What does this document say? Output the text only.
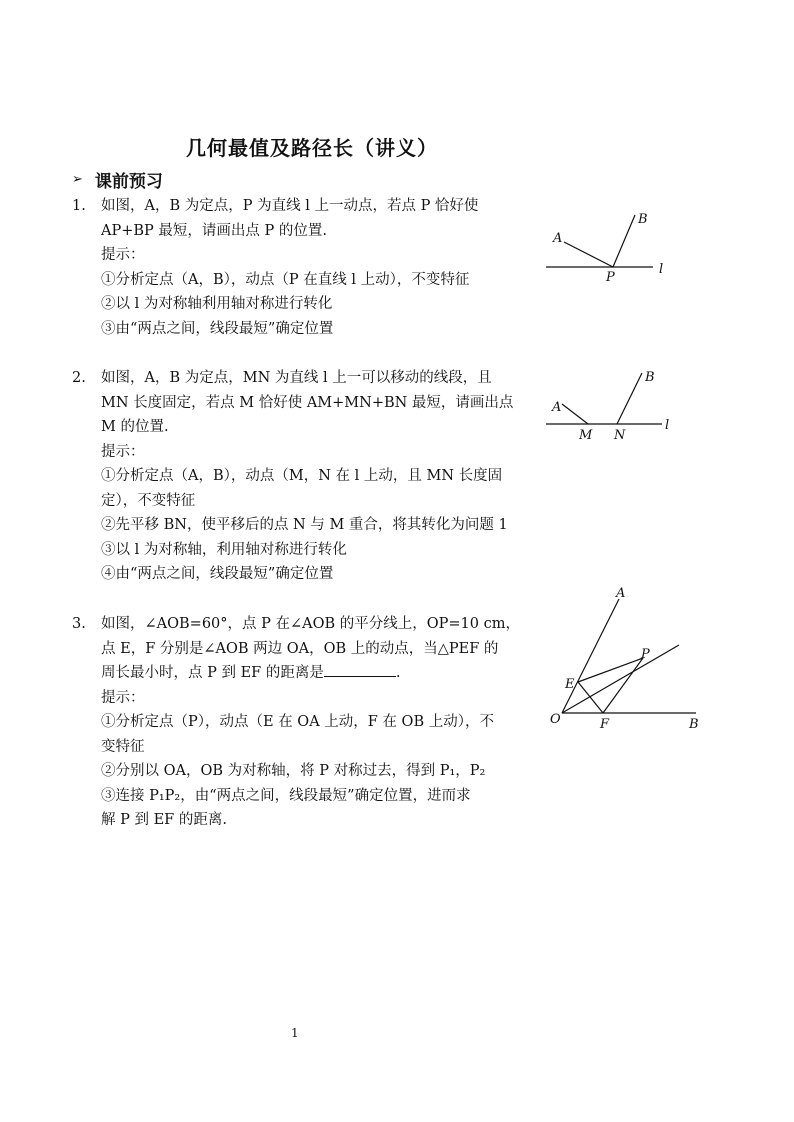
几何最值及路径长（讲义）
➢ 课前预习
1. 如图，A，B 为定点，P 为直线 l 上一动点，若点 P 恰好使
AP+BP 最短，请画出点 P 的位置.
提示：
①分析定点（A，B），动点（P 在直线 l 上动），不变特征
②以 l 为对称轴利用轴对称进行转化
③由“两点之间，线段最短”确定位置
A
B
P
l
2. 如图，A，B 为定点，MN 为直线 l 上一可以移动的线段，且
MN 长度固定，若点 M 恰好使 AM+MN+BN 最短，请画出点
M 的位置.
提示：
①分析定点（A，B），动点（M，N 在 l 上动，且 MN 长度固
定），不变特征
②先平移 BN，使平移后的点 N 与 M 重合，将其转化为问题 1
③以 l 为对称轴，利用轴对称进行转化
④由“两点之间，线段最短”确定位置
A
B
M N
l
3. 如图，∠AOB=60°，点 P 在∠AOB 的平分线上，OP=10 cm，
点 E，F 分别是∠AOB 两边 OA，OB 上的动点，当△PEF 的
周长最小时，点 P 到 EF 的距离是	.
提示：
①分析定点（P），动点（E 在 OA 上动，F 在 OB 上动），不
变特征
②分别以 OA，OB 为对称轴，将 P 对称过去，得到 P₁，P₂
③连接 P₁P₂，由“两点之间，线段最短”确定位置，进而求
解 P 到 EF 的距离.
A
B
O
E
F
P
1
